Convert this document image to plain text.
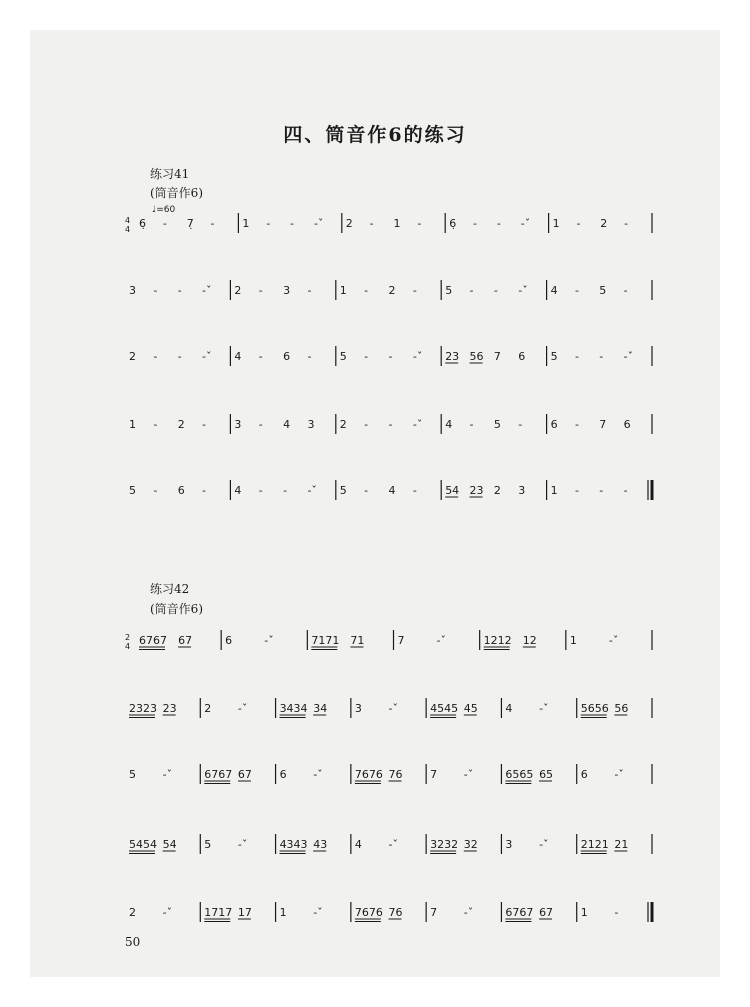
四、筒音作6的练习
练习41
(筒音作6)
♩=60
练习42
(筒音作6)
50
4
4 6̣ - 7̣ -	1 - - -ˇ 2 - 1 -	6̣ - - -ˇ 1 - 2 -
3 - - -ˇ 2 - 3 -	1 - 2 -	5 - - -ˇ 4 - 5 -
2 - - -ˇ 4 - 6 -	5 - - -ˇ 23 56 7 6 5 - - -ˇ
1 - 2 -	3 - 4 3 2 - - -ˇ 4 - 5 -	6 - 7 6
5 - 6 -	4 - - -ˇ 5 - 4 -	54 23 2 3 1 - - -
2
4 6767 67	6	-ˇ	7171 71	7	-ˇ	1212 12	1	-ˇ
2323 23	2 -ˇ	3434 34	3 -ˇ	4545 45	4 -ˇ	5656 56
5 -ˇ	6767 67	6 -ˇ	7676 76	7 -ˇ	6565 65	6 -ˇ
5454 54	5 -ˇ	4343 43	4 -ˇ	3232 32	3 -ˇ	2121 21
2 -ˇ	1717 17	1 -ˇ	7676 76	7 -ˇ	6767 67	1 -
